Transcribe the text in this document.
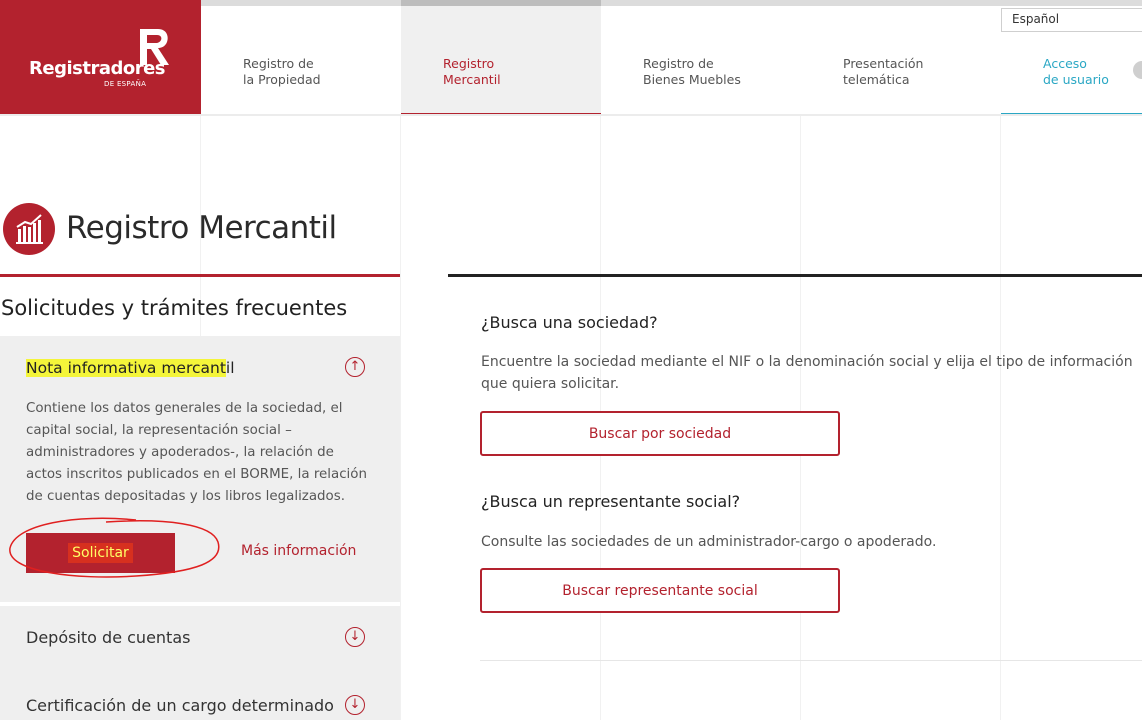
Registradores
DE ESPAÑA
Registro de
la Propiedad
Registro
Mercantil
Registro de
Bienes Muebles
Presentación
telemática
Acceso
de usuario
Español
Registro Mercantil
Solicitudes y trámites frecuentes
Nota informativa mercantil	↑
Contiene los datos generales de la sociedad, el capital social, la representación social – administradores y apoderados-, la relación de actos inscritos publicados en el BORME, la relación de cuentas depositadas y los libros legalizados.
Solicitar	Más información
Depósito de cuentas	↓
Certificación de un cargo determinado	↓
¿Busca una sociedad?
Encuentre la sociedad mediante el NIF o la denominación social y elija el tipo de información que quiera solicitar.
Buscar por sociedad
¿Busca un representante social?
Consulte las sociedades de un administrador-cargo o apoderado.
Buscar representante social
